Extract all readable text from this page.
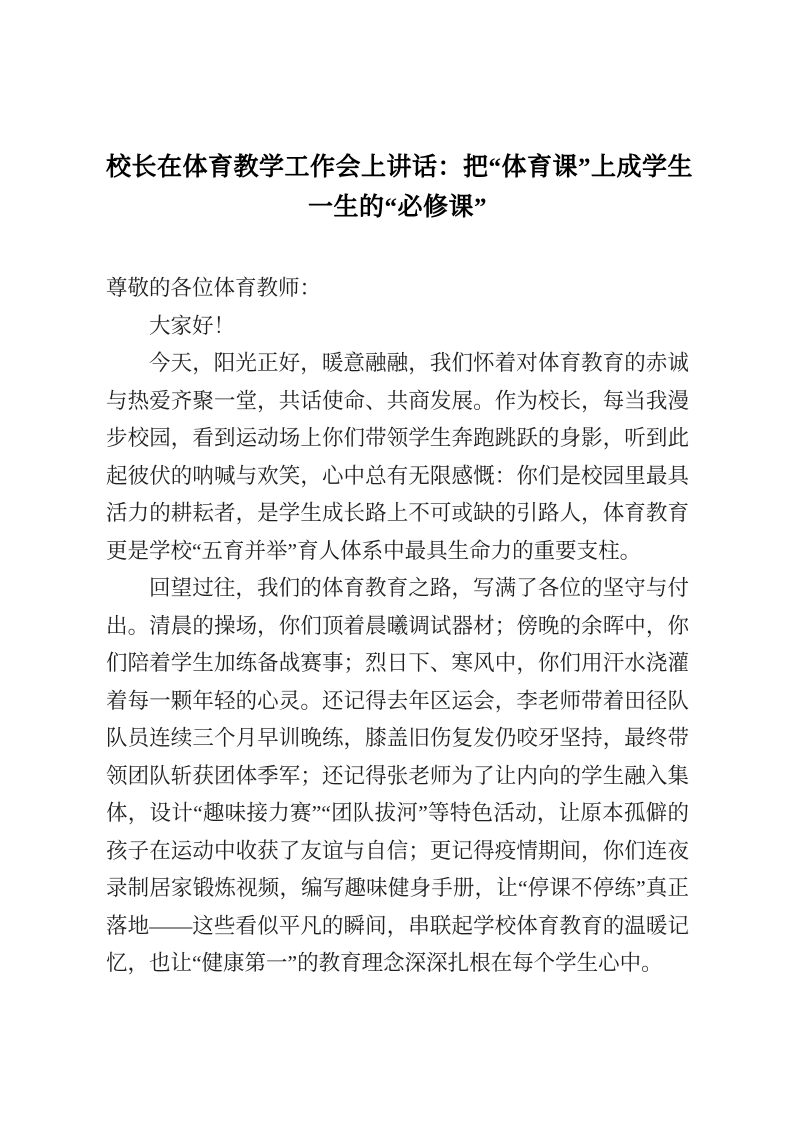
校长在体育教学工作会上讲话：把“体育课”上成学生
一生的“必修课”

尊敬的各位体育教师：

大家好！

今天，阳光正好，暖意融融，我们怀着对体育教育的赤诚与热爱齐聚一堂，共话使命、共商发展。作为校长，每当我漫步校园，看到运动场上你们带领学生奔跑跳跃的身影，听到此起彼伏的呐喊与欢笑，心中总有无限感慨：你们是校园里最具活力的耕耘者，是学生成长路上不可或缺的引路人，体育教育更是学校“五育并举”育人体系中最具生命力的重要支柱。

回望过往，我们的体育教育之路，写满了各位的坚守与付出。清晨的操场，你们顶着晨曦调试器材；傍晚的余晖中，你们陪着学生加练备战赛事；烈日下、寒风中，你们用汗水浇灌着每一颗年轻的心灵。还记得去年区运会，李老师带着田径队队员连续三个月早训晚练，膝盖旧伤复发仍咬牙坚持，最终带领团队斩获团体季军；还记得张老师为了让内向的学生融入集体，设计“趣味接力赛”“团队拔河”等特色活动，让原本孤僻的孩子在运动中收获了友谊与自信；更记得疫情期间，你们连夜录制居家锻炼视频，编写趣味健身手册，让“停课不停练”真正落地——这些看似平凡的瞬间，串联起学校体育教育的温暖记忆，也让“健康第一”的教育理念深深扎根在每个学生心中。
